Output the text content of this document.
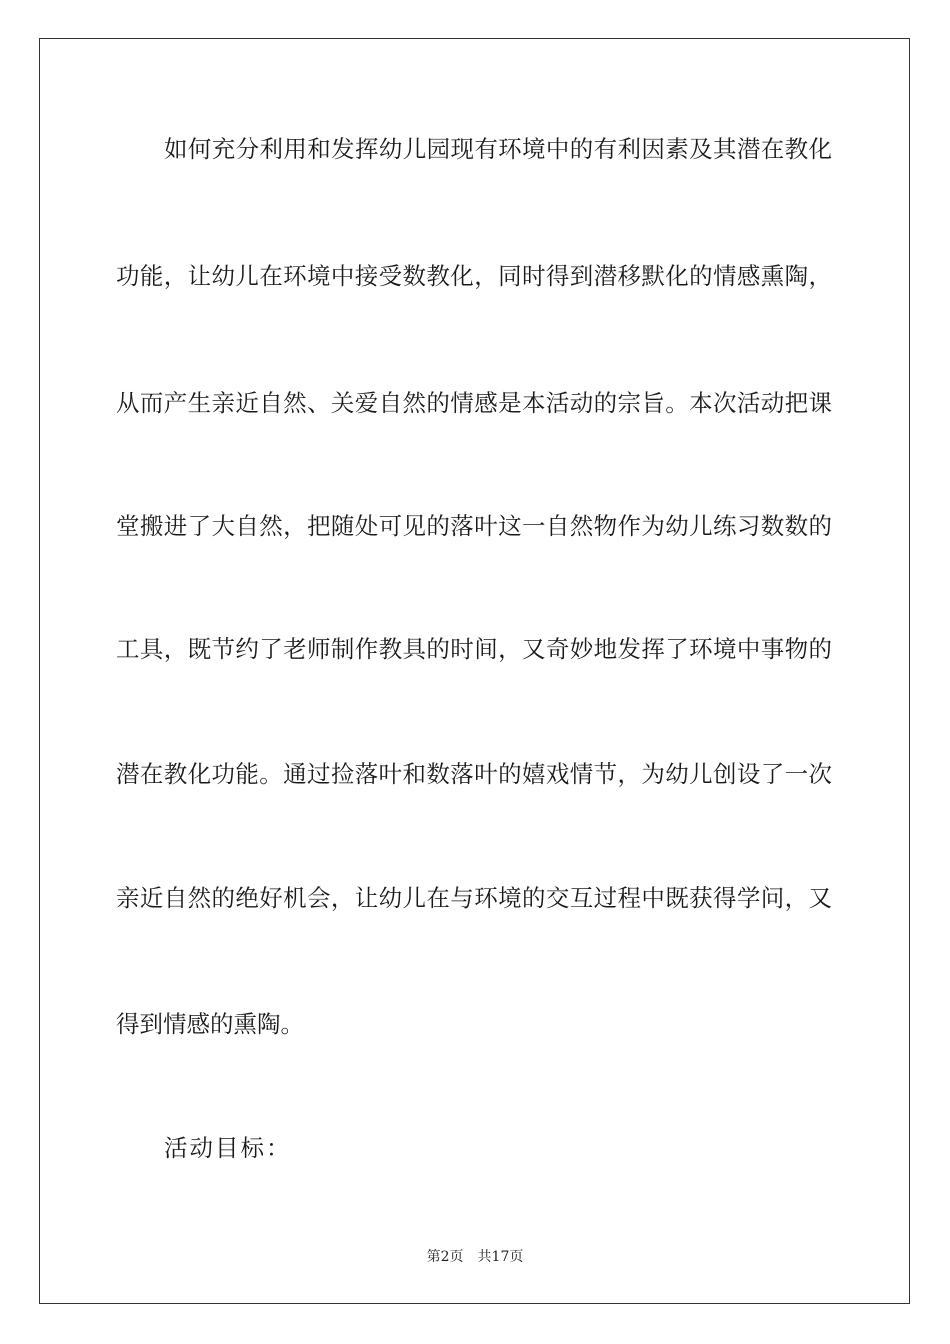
如何充分利用和发挥幼儿园现有环境中的有利因素及其潜在教化
功能，让幼儿在环境中接受数教化，同时得到潜移默化的情感熏陶，
从而产生亲近自然、关爱自然的情感是本活动的宗旨。本次活动把课
堂搬进了大自然，把随处可见的落叶这一自然物作为幼儿练习数数的
工具，既节约了老师制作教具的时间，又奇妙地发挥了环境中事物的
潜在教化功能。通过捡落叶和数落叶的嬉戏情节，为幼儿创设了一次
亲近自然的绝好机会，让幼儿在与环境的交互过程中既获得学问，又
得到情感的熏陶。
活动目标：
第2页　共17页
